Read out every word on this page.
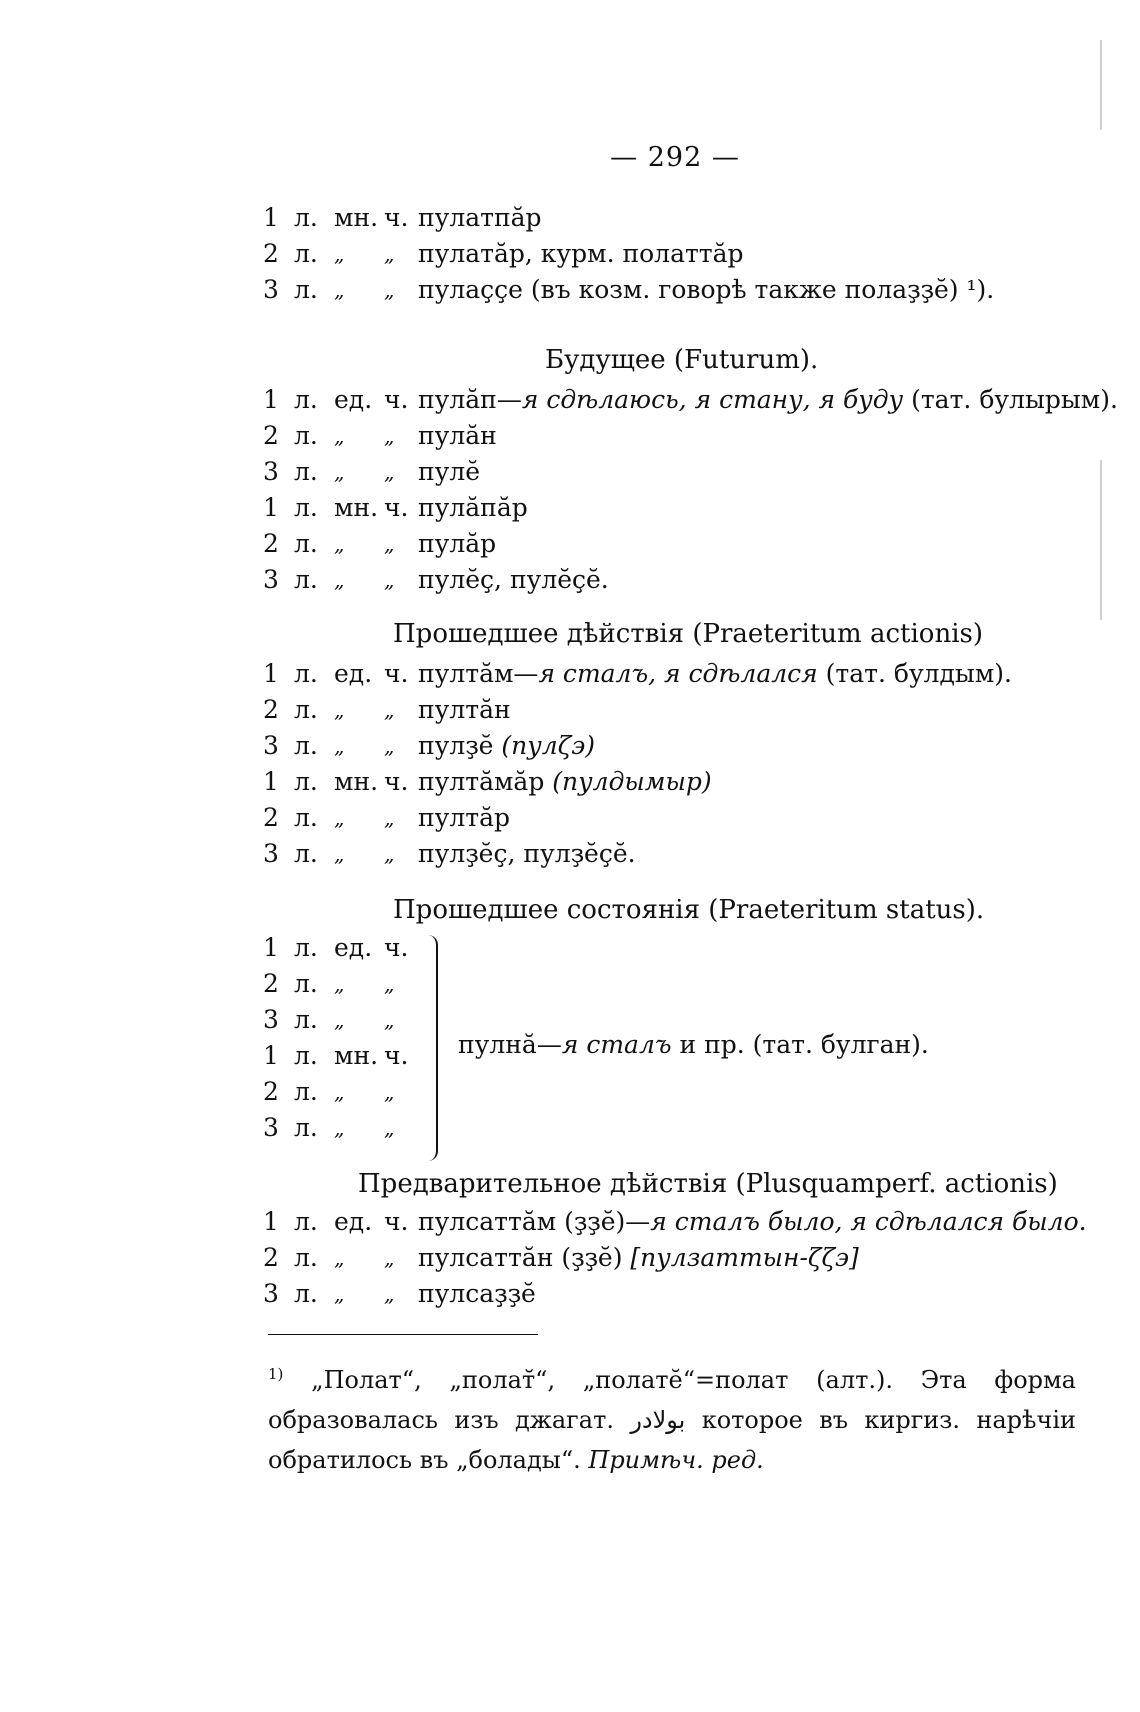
— 292 —
1 л. мн. ч. пулатпăр
2 л. „ „ пулатăр, курм. полаттăр
3 л. „ „ пулаççе (въ козм. говорѣ также полаҙҙĕ) ¹).
Будущее (Futurum).
1 л. ед. ч. пулăп—я сдѣлаюсь, я стану, я буду (тат. булырым).
2 л. „ „ пулăн
3 л. „ „ пулĕ
1 л. мн. ч. пулăпăр
2 л. „ „ пулăр
3 л. „ „ пулĕç, пулĕçĕ.
Прошедшее дѣйствія (Praeteritum actionis)
1 л. ед. ч. пултăм—я сталъ, я сдѣлался (тат. булдым).
2 л. „ „ пултăн
3 л. „ „ пулҙĕ (пулζэ)
1 л. мн. ч. пултăмăр (пулдымыр)
2 л. „ „ пултăр
3 л. „ „ пулҙĕç, пулҙĕçĕ.
Прошедшее состоянія (Praeteritum status).
1 л. ед. ч.
2 л. „ „
3 л. „ „
1 л. мн. ч.
2 л. „ „
3 л. „ „
пулнă—я сталъ и пр. (тат. булган).
Предварительное дѣйствія (Plusquamperf. actionis)
1 л. ед. ч. пулсаттăм (ҙҙĕ)—я сталъ было, я сдѣлался было.
2 л. „ „ пулсаттăн (ҙҙĕ) [пулзаттын-ζζэ]
3 л. „ „ пулсаҙҙĕ
$^{1)}$ „Полат“, „полат̆“, „полатĕ“=полат (алт.). Эта форма образовалась изъ джагат. بولادر которое въ киргиз. нарѣчіи обратилось въ „болады“. Примѣч. ред.
